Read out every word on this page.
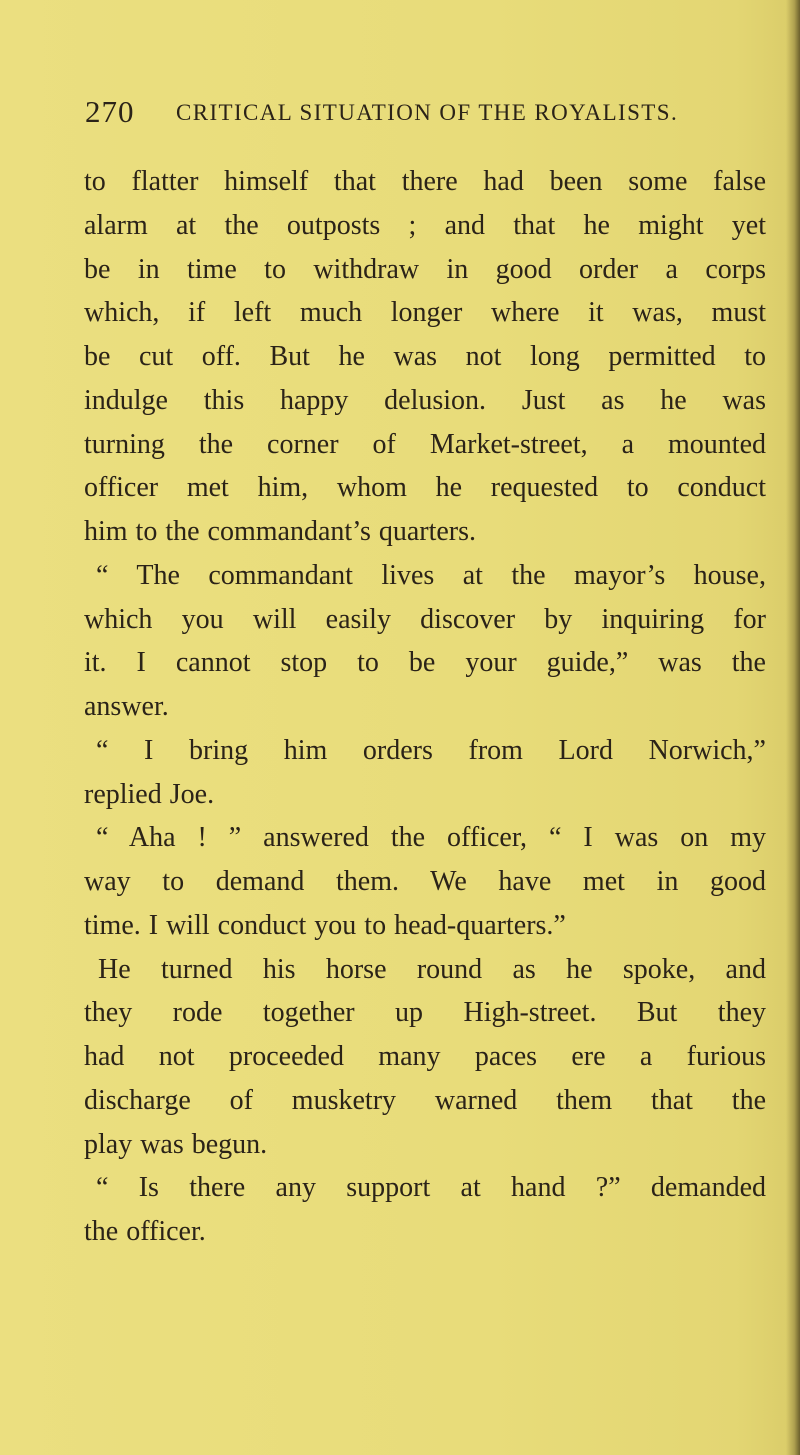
270 CRITICAL SITUATION OF THE ROYALISTS.
to flatter himself that there had been some false
alarm at the outposts ; and that he might yet
be in time to withdraw in good order a corps
which, if left much longer where it was, must
be cut off. But he was not long permitted to
indulge this happy delusion. Just as he was
turning the corner of Market-street, a mounted
officer met him, whom he requested to conduct
him to the commandant’s quarters.
“ The commandant lives at the mayor’s house,
which you will easily discover by inquiring for
it. I cannot stop to be your guide,” was the
answer.
“ I bring him orders from Lord Norwich,”
replied Joe.
“ Aha ! ” answered the officer, “ I was on my
way to demand them. We have met in good
time. I will conduct you to head-quarters.”
He turned his horse round as he spoke, and
they rode together up High-street. But they
had not proceeded many paces ere a furious
discharge of musketry warned them that the
play was begun.
“ Is there any support at hand ?” demanded
the officer.
